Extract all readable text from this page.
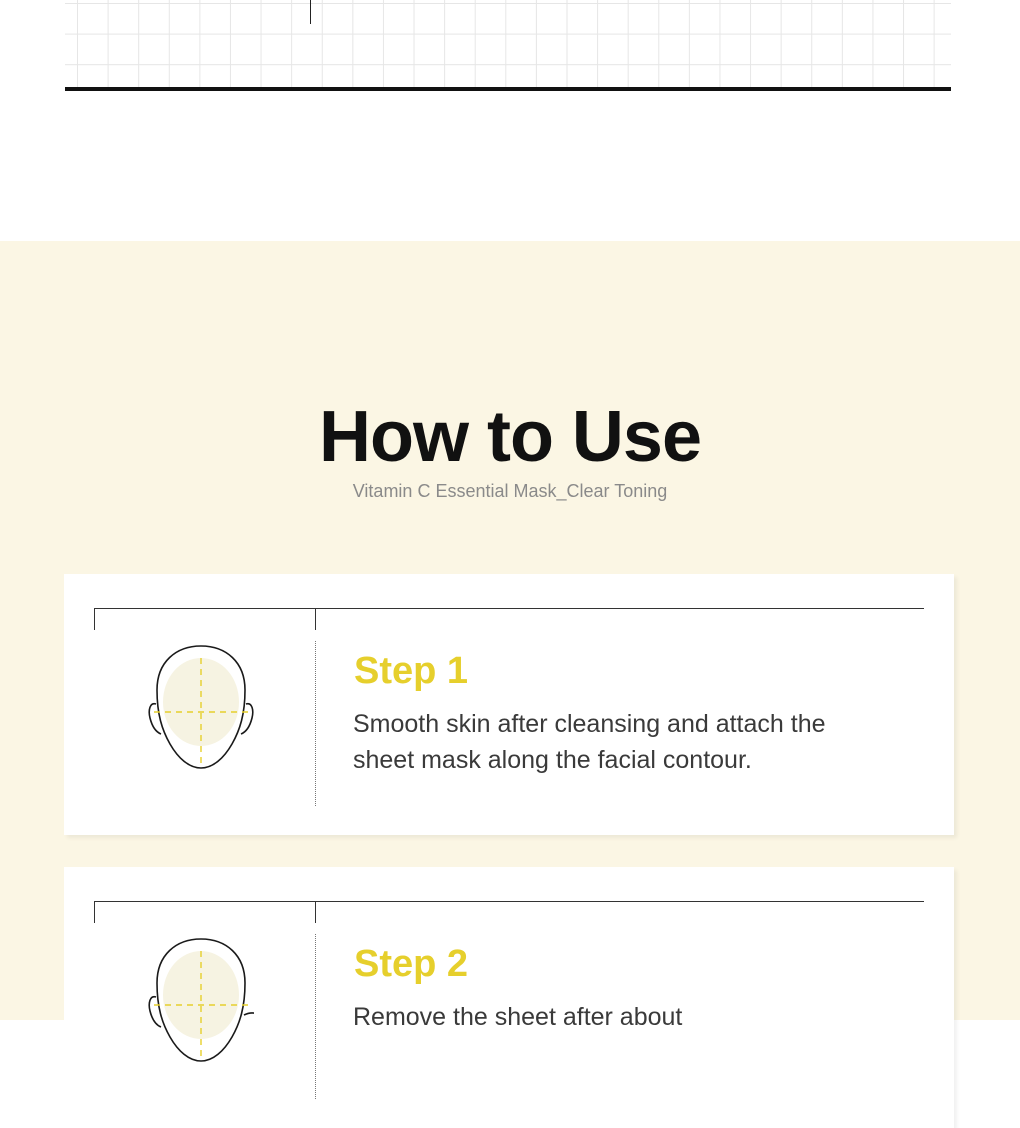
How to Use
Vitamin C Essential Mask_Clear Toning
Step 1
Smooth skin after cleansing and attach the sheet mask along the facial contour.
Step 2
Remove the sheet after about
